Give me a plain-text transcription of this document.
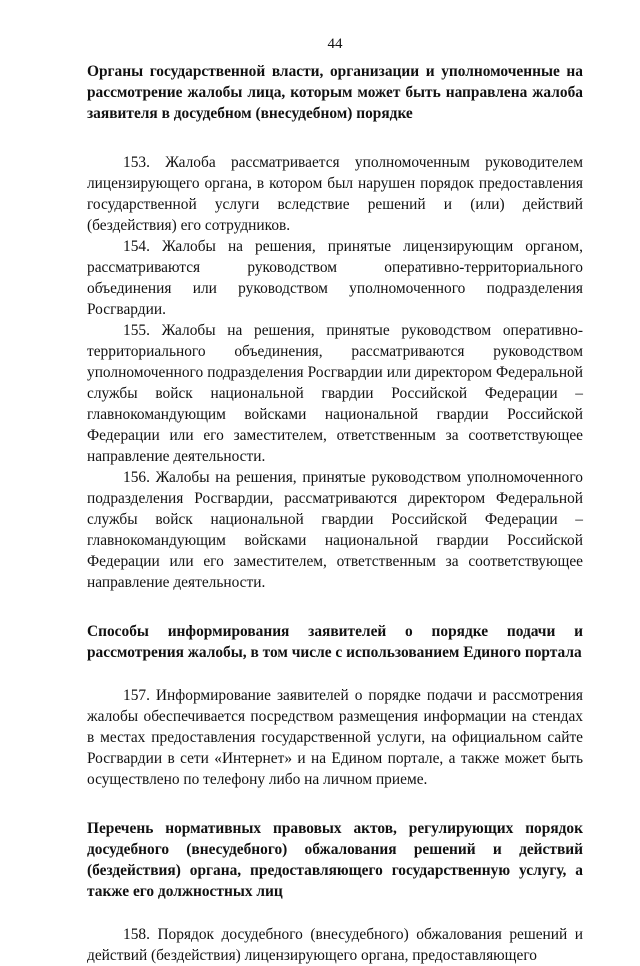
44
Органы государственной власти, организации и уполномоченные на рассмотрение жалобы лица, которым может быть направлена жалоба заявителя в досудебном (внесудебном) порядке

153. Жалоба рассматривается уполномоченным руководителем лицензирующего органа, в котором был нарушен порядок предоставления государственной услуги вследствие решений и (или) действий (бездействия) его сотрудников.

154. Жалобы на решения, принятые лицензирующим органом, рассматриваются руководством оперативно-территориального объединения или руководством уполномоченного подразделения Росгвардии.

155. Жалобы на решения, принятые руководством оперативно-территориального объединения, рассматриваются руководством уполномоченного подразделения Росгвардии или директором Федеральной службы войск национальной гвардии Российской Федерации – главнокомандующим войсками национальной гвардии Российской Федерации или его заместителем, ответственным за соответствующее направление деятельности.

156. Жалобы на решения, принятые руководством уполномоченного подразделения Росгвардии, рассматриваются директором Федеральной службы войск национальной гвардии Российской Федерации – главнокомандующим войсками национальной гвардии Российской Федерации или его заместителем, ответственным за соответствующее направление деятельности.

Способы информирования заявителей о порядке подачи и рассмотрения жалобы, в том числе с использованием Единого портала

157. Информирование заявителей о порядке подачи и рассмотрения жалобы обеспечивается посредством размещения информации на стендах в местах предоставления государственной услуги, на официальном сайте Росгвардии в сети «Интернет» и на Едином портале, а также может быть осуществлено по телефону либо на личном приеме.

Перечень нормативных правовых актов, регулирующих порядок досудебного (внесудебного) обжалования решений и действий (бездействия) органа, предоставляющего государственную услугу, а также его должностных лиц

158. Порядок досудебного (внесудебного) обжалования решений и действий (бездействия) лицензирующего органа, предоставляющего
